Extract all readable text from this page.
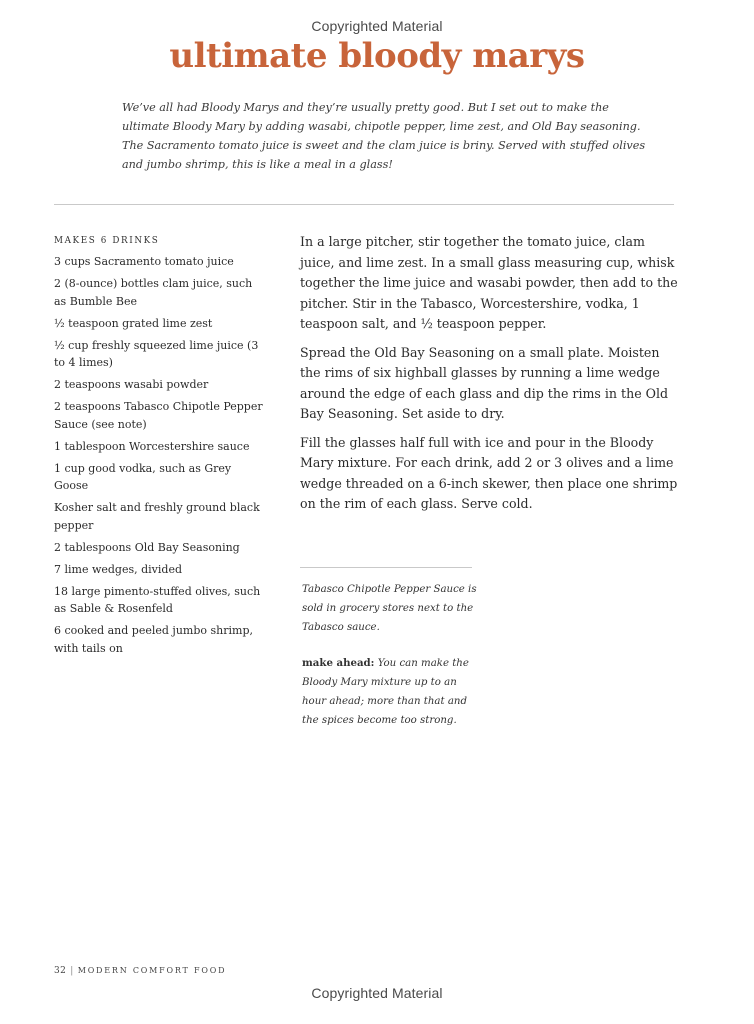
Copyrighted Material
ultimate bloody marys
We’ve all had Bloody Marys and they’re usually pretty good. But I set out to make the ultimate Bloody Mary by adding wasabi, chipotle pepper, lime zest, and Old Bay seasoning. The Sacramento tomato juice is sweet and the clam juice is briny. Served with stuffed olives and jumbo shrimp, this is like a meal in a glass!
MAKES 6 DRINKS
3 cups Sacramento tomato juice
2 (8-ounce) bottles clam juice, such as Bumble Bee
½ teaspoon grated lime zest
½ cup freshly squeezed lime juice (3 to 4 limes)
2 teaspoons wasabi powder
2 teaspoons Tabasco Chipotle Pepper Sauce (see note)
1 tablespoon Worcestershire sauce
1 cup good vodka, such as Grey Goose
Kosher salt and freshly ground black pepper
2 tablespoons Old Bay Seasoning
7 lime wedges, divided
18 large pimento-stuffed olives, such as Sable & Rosenfeld
6 cooked and peeled jumbo shrimp, with tails on

In a large pitcher, stir together the tomato juice, clam juice, and lime zest. In a small glass measuring cup, whisk together the lime juice and wasabi powder, then add to the pitcher. Stir in the Tabasco, Worcestershire, vodka, 1 teaspoon salt, and ½ teaspoon pepper.

Spread the Old Bay Seasoning on a small plate. Moisten the rims of six highball glasses by running a lime wedge around the edge of each glass and dip the rims in the Old Bay Seasoning. Set aside to dry.

Fill the glasses half full with ice and pour in the Bloody Mary mixture. For each drink, add 2 or 3 olives and a lime wedge threaded on a 6-inch skewer, then place one shrimp on the rim of each glass. Serve cold.

Tabasco Chipotle Pepper Sauce is sold in grocery stores next to the Tabasco sauce.

make ahead: You can make the Bloody Mary mixture up to an hour ahead; more than that and the spices become too strong.

32 | MODERN COMFORT FOOD
Copyrighted Material
